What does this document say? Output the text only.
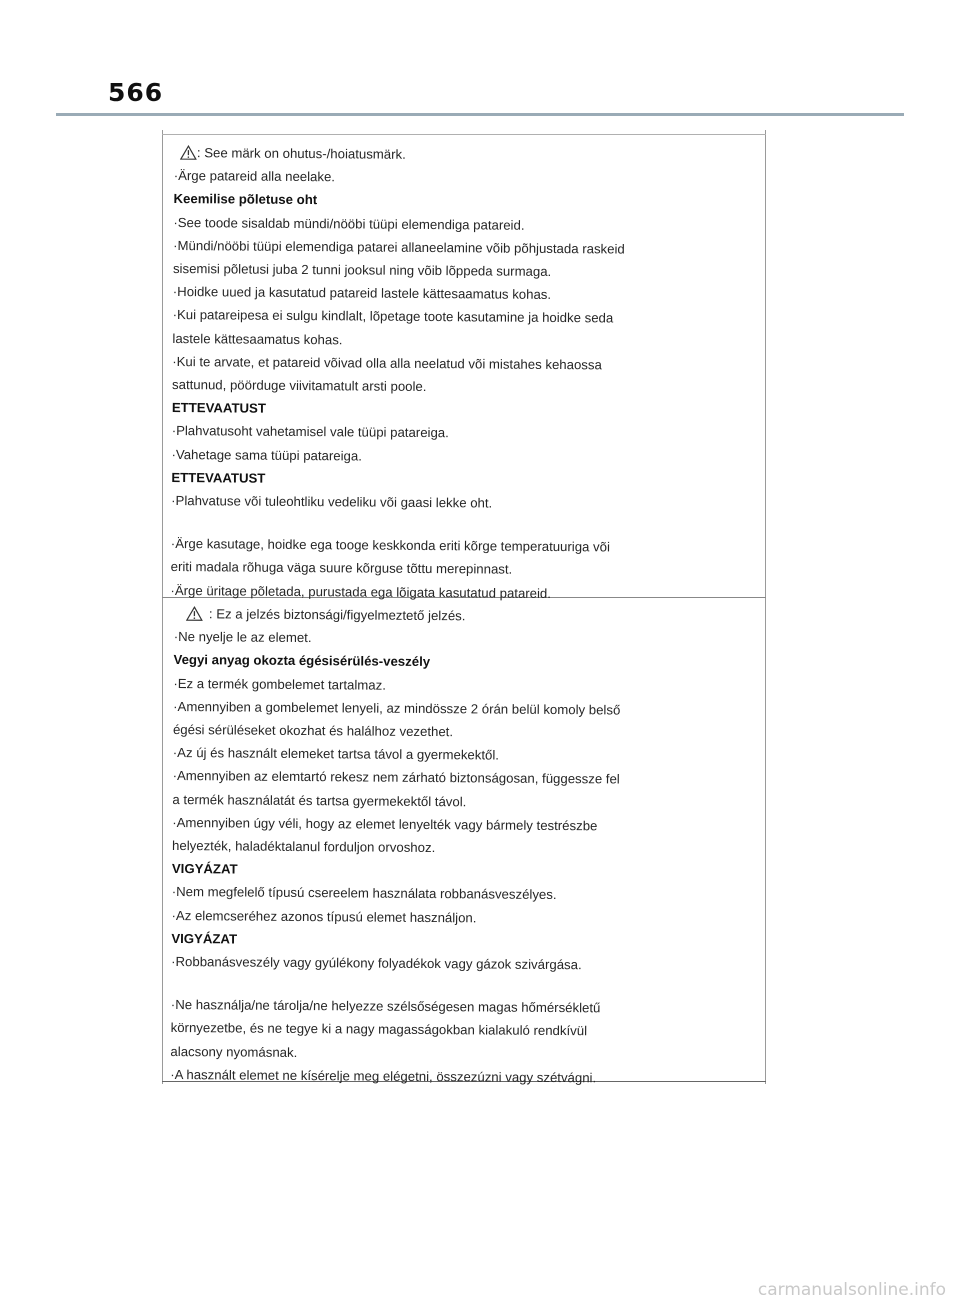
566
: See märk on ohutus-/hoiatusmärk.
·Ärge patareid alla neelake.
Keemilise põletuse oht
·See toode sisaldab mündi/nööbi tüüpi elemendiga patareid.
·Mündi/nööbi tüüpi elemendiga patarei allaneelamine võib põhjustada raskeid
sisemisi põletusi juba 2 tunni jooksul ning võib lõppeda surmaga.
·Hoidke uued ja kasutatud patareid lastele kättesaamatus kohas.
·Kui patareipesa ei sulgu kindlalt, lõpetage toote kasutamine ja hoidke seda
lastele kättesaamatus kohas.
·Kui te arvate, et patareid võivad olla alla neelatud või mistahes kehaossa
sattunud, pöörduge viivitamatult arsti poole.
ETTEVAATUST
·Plahvatusoht vahetamisel vale tüüpi patareiga.
·Vahetage sama tüüpi patareiga.
ETTEVAATUST
·Plahvatuse või tuleohtliku vedeliku või gaasi lekke oht.
·Ärge kasutage, hoidke ega tooge keskkonda eriti kõrge temperatuuriga või
eriti madala rõhuga väga suure kõrguse tõttu merepinnast.
·Ärge üritage põletada, purustada ega lõigata kasutatud patareid.
: Ez a jelzés biztonsági/figyelmeztető jelzés.
·Ne nyelje le az elemet.
Vegyi anyag okozta égésisérülés-veszély
·Ez a termék gombelemet tartalmaz.
·Amennyiben a gombelemet lenyeli, az mindössze 2 órán belül komoly belső
égési sérüléseket okozhat és halálhoz vezethet.
·Az új és használt elemeket tartsa távol a gyermekektől.
·Amennyiben az elemtartó rekesz nem zárható biztonságosan, függessze fel
a termék használatát és tartsa gyermekektől távol.
·Amennyiben úgy véli, hogy az elemet lenyelték vagy bármely testrészbe
helyezték, haladéktalanul forduljon orvoshoz.
VIGYÁZAT
·Nem megfelelő típusú csereelem használata robbanásveszélyes.
·Az elemcseréhez azonos típusú elemet használjon.
VIGYÁZAT
·Robbanásveszély vagy gyúlékony folyadékok vagy gázok szivárgása.
·Ne használja/ne tárolja/ne helyezze szélsőségesen magas hőmérsékletű
környezetbe, és ne tegye ki a nagy magasságokban kialakuló rendkívül
alacsony nyomásnak.
·A használt elemet ne kísérelje meg elégetni, összezúzni vagy szétvágni.
carmanualsonline.info
